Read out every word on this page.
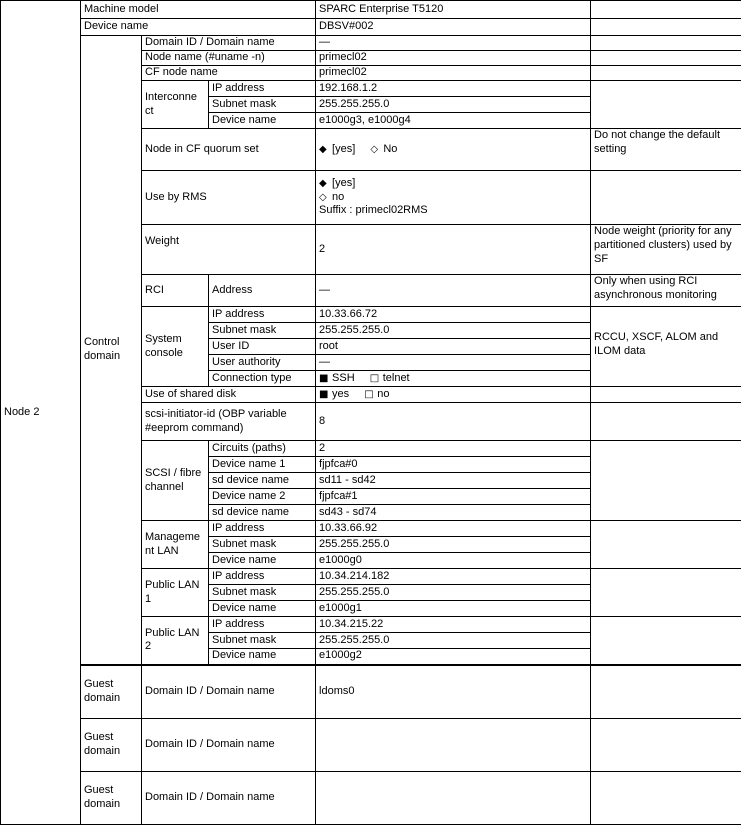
Node 2	Machine model			SPARC Enterprise T5120	
	Device name			DBSV#002	
	Control domain	Domain ID / Domain name		—	
		Node name (#uname -n)		primecl02	
		CF node name		primecl02	
		Interconne ct	IP address	192.168.1.2	
			Subnet mask	255.255.255.0	
			Device name	e1000g3, e1000g4	
		Node in CF quorum set		◆ [yes] ◇ No	Do not change the default setting
		Use by RMS		◆ [yes]
◇ no
Suffix : primecl02RMS	

		Weight		2	Node weight (priority for any partitioned clusters) used by SF
		RCI	Address	—	Only when using RCI asynchronous monitoring
		System console	IP address	10.33.66.72	RCCU, XSCF, ALOM and ILOM data
			Subnet mask	255.255.255.0	
			User ID	root	
			User authority	—	
			Connection type	■ SSH □ telnet	
		Use of shared disk		■ yes □ no	
		scsi-initiator-id (OBP variable #eeprom command)		8	
		SCSI / fibre channel	Circuits (paths)	2	
			Device name 1	fjpfca#0	
			sd device name	sd11 - sd42	
			Device name 2	fjpfca#1	
			sd device name	sd43 - sd74	
		Manageme nt LAN	IP address	10.33.66.92	
			Subnet mask	255.255.255.0	
			Device name	e1000g0	
		Public LAN 1	IP address	10.34.214.182	
			Subnet mask	255.255.255.0	
			Device name	e1000g1	
		Public LAN 2	IP address	10.34.215.22	
			Subnet mask	255.255.255.0	
			Device name	e1000g2	
	Guest domain	Domain ID / Domain name		ldoms0	
	Guest domain	Domain ID / Domain name			
	Guest domain	Domain ID / Domain name			
